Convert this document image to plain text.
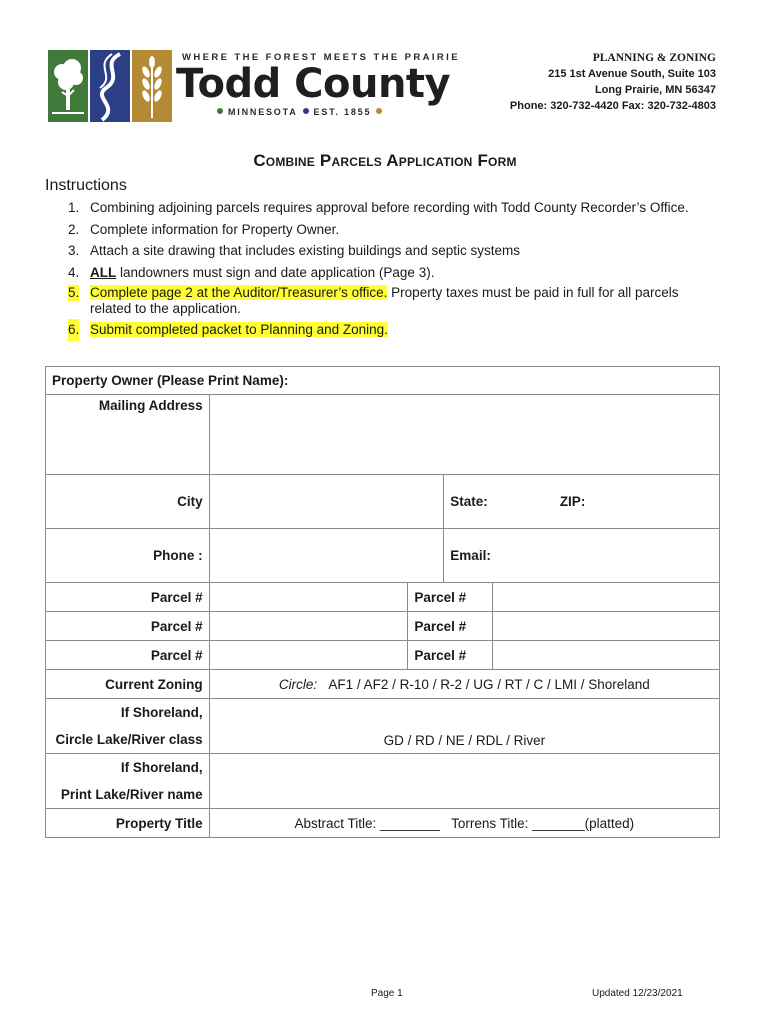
WHERE THE FOREST MEETS THE PRAIRIE
Todd County
MINNESOTA EST. 1855
PLANNING & ZONING
215 1st Avenue South, Suite 103
Long Prairie, MN 56347
Phone: 320-732-4420 Fax: 320-732-4803
Combine Parcels Application Form
Instructions
1. Combining adjoining parcels requires approval before recording with Todd County Recorder’s Office.
2. Complete information for Property Owner.
3. Attach a site drawing that includes existing buildings and septic systems
4. ALL landowners must sign and date application (Page 3).
5. Complete page 2 at the Auditor/Treasurer’s office. Property taxes must be paid in full for all parcels related to the application.
6. Submit completed packet to Planning and Zoning.
Property Owner (Please Print Name):				
Mailing Address				
City			State: ZIP:	
Phone :			Email:	
Parcel #		Parcel #		
Parcel #		Parcel #		
Parcel #		Parcel #		
Current Zoning	Circle: AF1 / AF2 / R-10 / R-2 / UG / RT / C / LMI / Shoreland			

If Shoreland,
Circle Lake/River class	GD / RD / NE / RDL / River			

If Shoreland,
Print Lake/River name				

Property Title	Abstract Title: ________   Torrens Title: _______(platted)			
Page 1	Updated 12/23/2021
